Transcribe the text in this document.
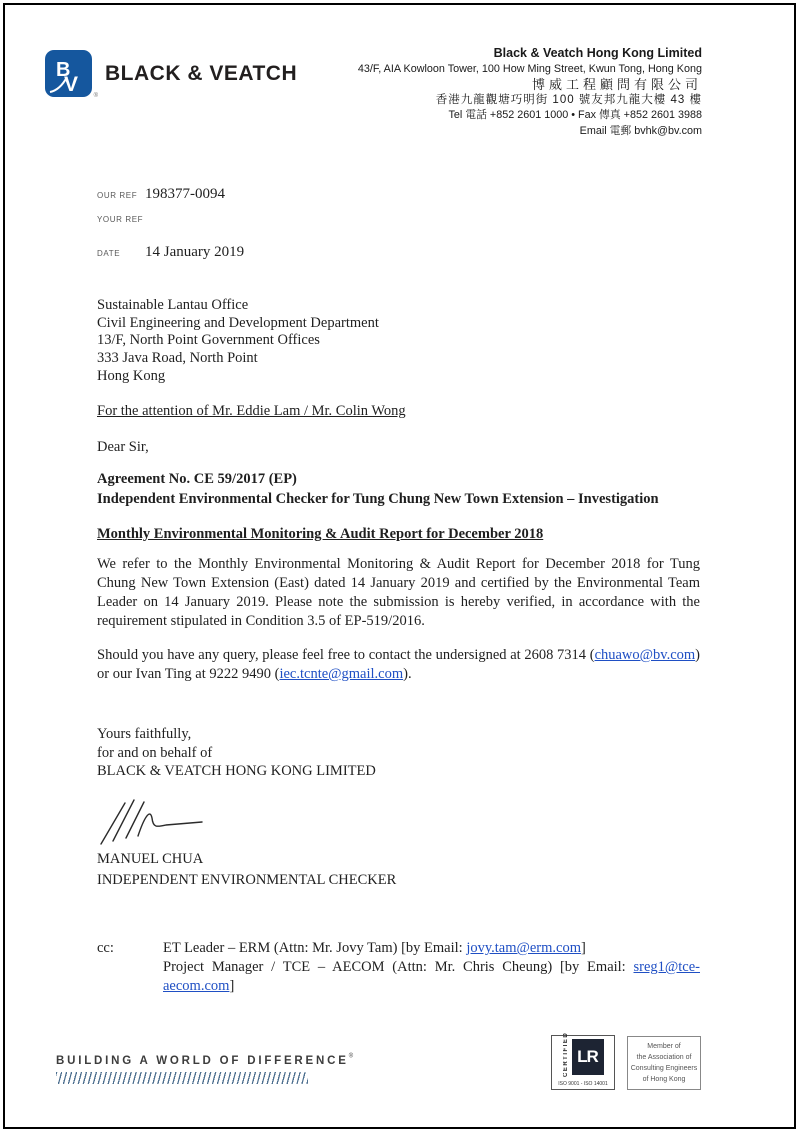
B
V	®
BLACK & VEATCH
Black & Veatch Hong Kong Limited
43/F, AIA Kowloon Tower, 100 How Ming Street, Kwun Tong, Hong Kong
博威工程顧問有限公司
香港九龍觀塘巧明街 100 號友邦九龍大樓 43 樓
Tel 電話 +852 2601 1000 • Fax 傳真 +852 2601 3988
Email 電郵 bvhk@bv.com
OUR REF 198377-0094
YOUR REF
DATE	14 January 2019
Sustainable Lantau Office
Civil Engineering and Development Department
13/F, North Point Government Offices
333 Java Road, North Point
Hong Kong
For the attention of Mr. Eddie Lam / Mr. Colin Wong
Dear Sir,
Agreement No. CE 59/2017 (EP)
Independent Environmental Checker for Tung Chung New Town Extension – Investigation
Monthly Environmental Monitoring & Audit Report for December 2018
We refer to the Monthly Environmental Monitoring & Audit Report for December 2018 for Tung Chung New Town Extension (East) dated 14 January 2019 and certified by the Environmental Team Leader on 14 January 2019. Please note the submission is hereby verified, in accordance with the requirement stipulated in Condition 3.5 of EP-519/2016.
Should you have any query, please feel free to contact the undersigned at 2608 7314 (chuawo@bv.com) or our Ivan Ting at 9222 9490 (iec.tcnte@gmail.com).
Yours faithfully,
for and on behalf of
BLACK & VEATCH HONG KONG LIMITED
MANUEL CHUA
INDEPENDENT ENVIRONMENTAL CHECKER
cc:	ET Leader – ERM (Attn: Mr. Jovy Tam) [by Email: jovy.tam@erm.com]
Project Manager / TCE – AECOM (Attn: Mr. Chris Cheung) [by Email: sreg1@tce-aecom.com]
BUILDING A WORLD OF DIFFERENCE®	CERTIFIED LR
ISO 9001 - ISO 14001
Member of
the Association of
Consulting Engineers
of Hong Kong
